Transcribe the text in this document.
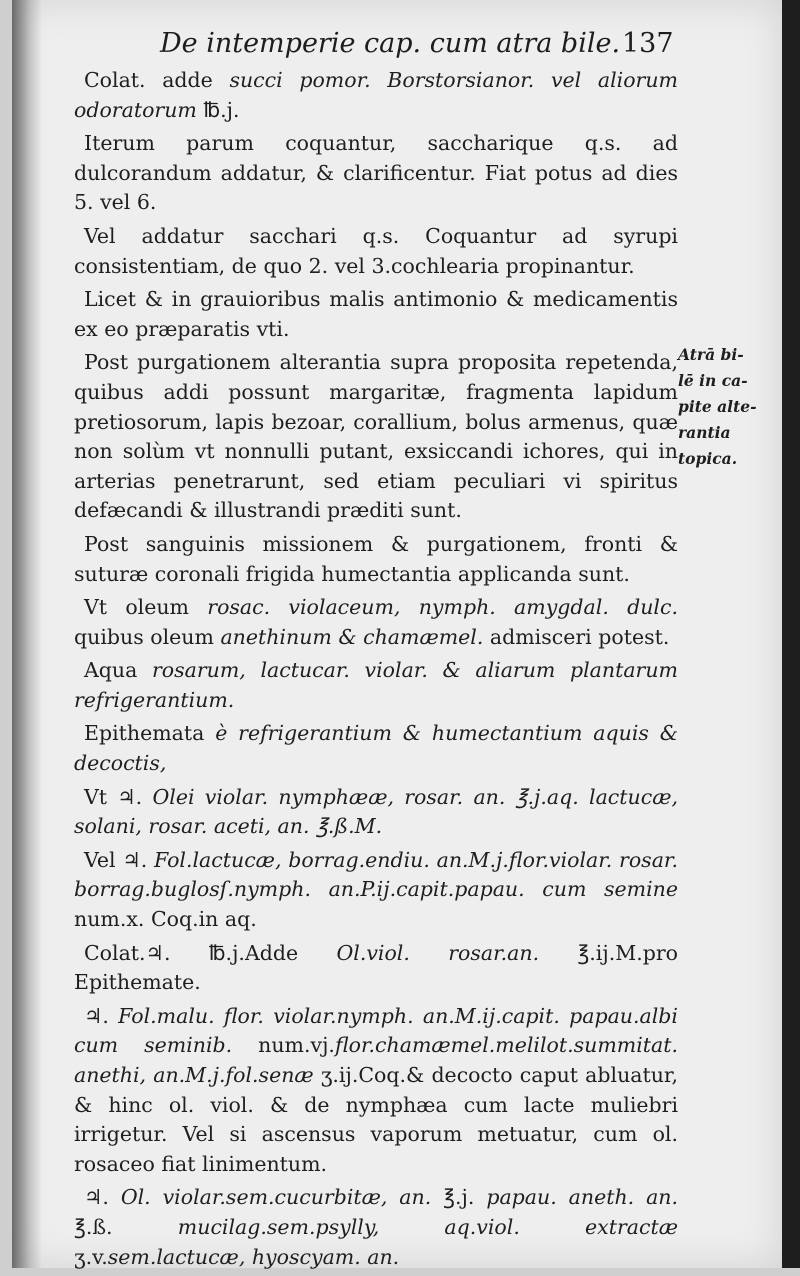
De intemperie cap. cum atra bile. 137

Colat. adde succi pomor. Borstorsianor. vel aliorum odoratorum ℔.j.

Iterum parum coquantur, saccharique q.s. ad dulcorandum addatur, & clarificentur. Fiat potus ad dies 5. vel 6.

Vel addatur sacchari q.s. Coquantur ad syrupi consistentiam, de quo 2. vel 3.cochlearia propinantur.

Licet & in grauioribus malis antimonio & medicamentis ex eo præparatis vti.

Post purgationem alterantia supra proposita repetenda, quibus addi possunt margaritæ, fragmenta lapidum pretiosorum, lapis bezoar, corallium, bolus armenus, quæ non solùm vt nonnulli putant, exsiccandi ichores, qui in arterias penetrarunt, sed etiam peculiari vi spiritus defæcandi & illustrandi præditi sunt.

Post sanguinis missionem & purgationem, fronti & suturæ coronali frigida humectantia applicanda sunt.

Vt oleum rosac. violaceum, nymph. amygdal. dulc. quibus oleum anethinum & chamæmel. admisceri potest.

Aqua rosarum, lactucar. violar. & aliarum plantarum refrigerantium.

Epithemata è refrigerantium & humectantium aquis & decoctis,

Vt ♃. Olei violar. nymphææ, rosar. an. ℥.j.aq. lactucæ, solani, rosar. aceti, an. ℥.ß.M.

Vel ♃. Fol.lactucæ, borrag.endiu. an.M.j.flor.violar. rosar. borrag.buglosſ.nymph. an.P.ij.capit.papau. cum semine num.x. Coq.in aq.

Colat.♃. ℔.j.Adde Ol.viol. rosar.an. ℥.ij.M.pro Epithemate.

♃. Fol.malu. flor. violar.nymph. an.M.ij.capit. papau.albi cum seminib. num.vj.flor.chamæmel.melilot.summitat. anethi, an.M.j.fol.senæ ʒ.ij.Coq.& decocto caput abluatur, & hinc ol. viol. & de nymphæa cum lacte muliebri irrigetur. Vel si ascensus vaporum metuatur, cum ol. rosaceo fiat linimentum.

♃. Ol. violar.sem.cucurbitæ, an. ℥.j. papau. aneth. an. ℥.ß. mucilag.sem.psylly, aq.viol. extractæ ʒ.v.sem.lactucæ, hyoscyam. an.

Atrā bi-
lē in ca-
pite alte-
rantia
topica.
